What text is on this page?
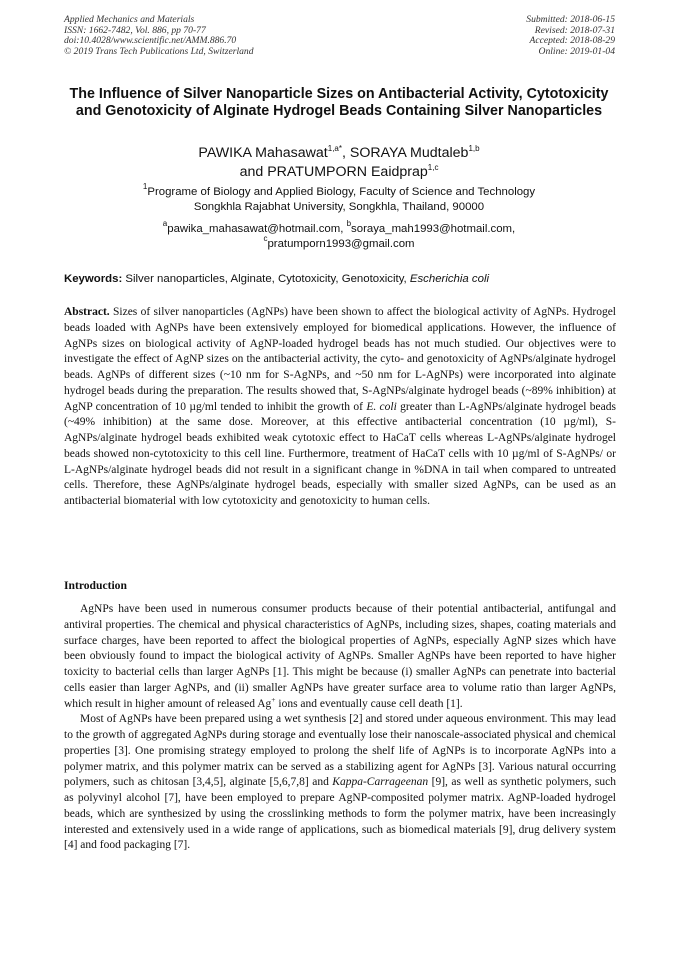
Applied Mechanics and Materials
ISSN: 1662-7482, Vol. 886, pp 70-77
doi:10.4028/www.scientific.net/AMM.886.70
© 2019 Trans Tech Publications Ltd, Switzerland
Submitted: 2018-06-15
Revised: 2018-07-31
Accepted: 2018-08-29
Online: 2019-01-04
The Influence of Silver Nanoparticle Sizes on Antibacterial Activity, Cytotoxicity and Genotoxicity of Alginate Hydrogel Beads Containing Silver Nanoparticles
PAWIKA Mahasawat$^{1,a*}$, SORAYA Mudtaleb$^{1,b}$
and PRATUMPORN Eaidprap$^{1,c}$
$^1$Programe of Biology and Applied Biology, Faculty of Science and Technology
Songkhla Rajabhat University, Songkhla, Thailand, 90000
$^a$pawika_mahasawat@hotmail.com, $^b$soraya_mah1993@hotmail.com,
$^c$pratumporn1993@gmail.com
Keywords: Silver nanoparticles, Alginate, Cytotoxicity, Genotoxicity, Escherichia coli
Abstract. Sizes of silver nanoparticles (AgNPs) have been shown to affect the biological activity of AgNPs. Hydrogel beads loaded with AgNPs have been extensively employed for biomedical applications. However, the influence of AgNPs sizes on biological activity of AgNP-loaded hydrogel beads has not much studied. Our objectives were to investigate the effect of AgNP sizes on the antibacterial activity, the cyto- and genotoxicity of AgNPs/alginate hydrogel beads. AgNPs of different sizes (~10 nm for S-AgNPs, and ~50 nm for L-AgNPs) were incorporated into alginate hydrogel beads during the preparation. The results showed that, S-AgNPs/alginate hydrogel beads (~89% inhibition) at AgNP concentration of 10 µg/ml tended to inhibit the growth of E. coli greater than L-AgNPs/alginate hydrogel beads (~49% inhibition) at the same dose. Moreover, at this effective antibacterial concentration (10 µg/ml), S-AgNPs/alginate hydrogel beads exhibited weak cytotoxic effect to HaCaT cells whereas L-AgNPs/alginate hydrogel beads showed non-cytotoxicity to this cell line. Furthermore, treatment of HaCaT cells with 10 µg/ml of S-AgNPs/ or L-AgNPs/alginate hydrogel beads did not result in a significant change in %DNA in tail when compared to untreated cells. Therefore, these AgNPs/alginate hydrogel beads, especially with smaller sized AgNPs, can be used as an antibacterial biomaterial with low cytotoxicity and genotoxicity to human cells.
Introduction

AgNPs have been used in numerous consumer products because of their potential antibacterial, antifungal and antiviral properties. The chemical and physical characteristics of AgNPs, including sizes, shapes, coating materials and surface charges, have been reported to affect the biological properties of AgNPs, especially AgNP sizes which have been obviously found to impact the biological activity of AgNPs. Smaller AgNPs have been reported to have higher toxicity to bacterial cells than larger AgNPs [1]. This might be because (i) smaller AgNPs can penetrate into bacterial cells easier than larger AgNPs, and (ii) smaller AgNPs have greater surface area to volume ratio than larger AgNPs, which result in higher amount of released Ag+ ions and eventually cause cell death [1].

Most of AgNPs have been prepared using a wet synthesis [2] and stored under aqueous environment. This may lead to the growth of aggregated AgNPs during storage and eventually lose their nanoscale-associated physical and chemical properties [3]. One promising strategy employed to prolong the shelf life of AgNPs is to incorporate AgNPs into a polymer matrix, and this polymer matrix can be served as a stabilizing agent for AgNPs [3]. Various natural occurring polymers, such as chitosan [3,4,5], alginate [5,6,7,8] and Kappa-Carrageenan [9], as well as synthetic polymers, such as polyvinyl alcohol [7], have been employed to prepare AgNP-composited polymer matrix. AgNP-loaded hydrogel beads, which are synthesized by using the crosslinking methods to form the polymer matrix, have been increasingly interested and extensively used in a wide range of applications, such as biomedical materials [9], drug delivery system [4] and food packaging [7].
